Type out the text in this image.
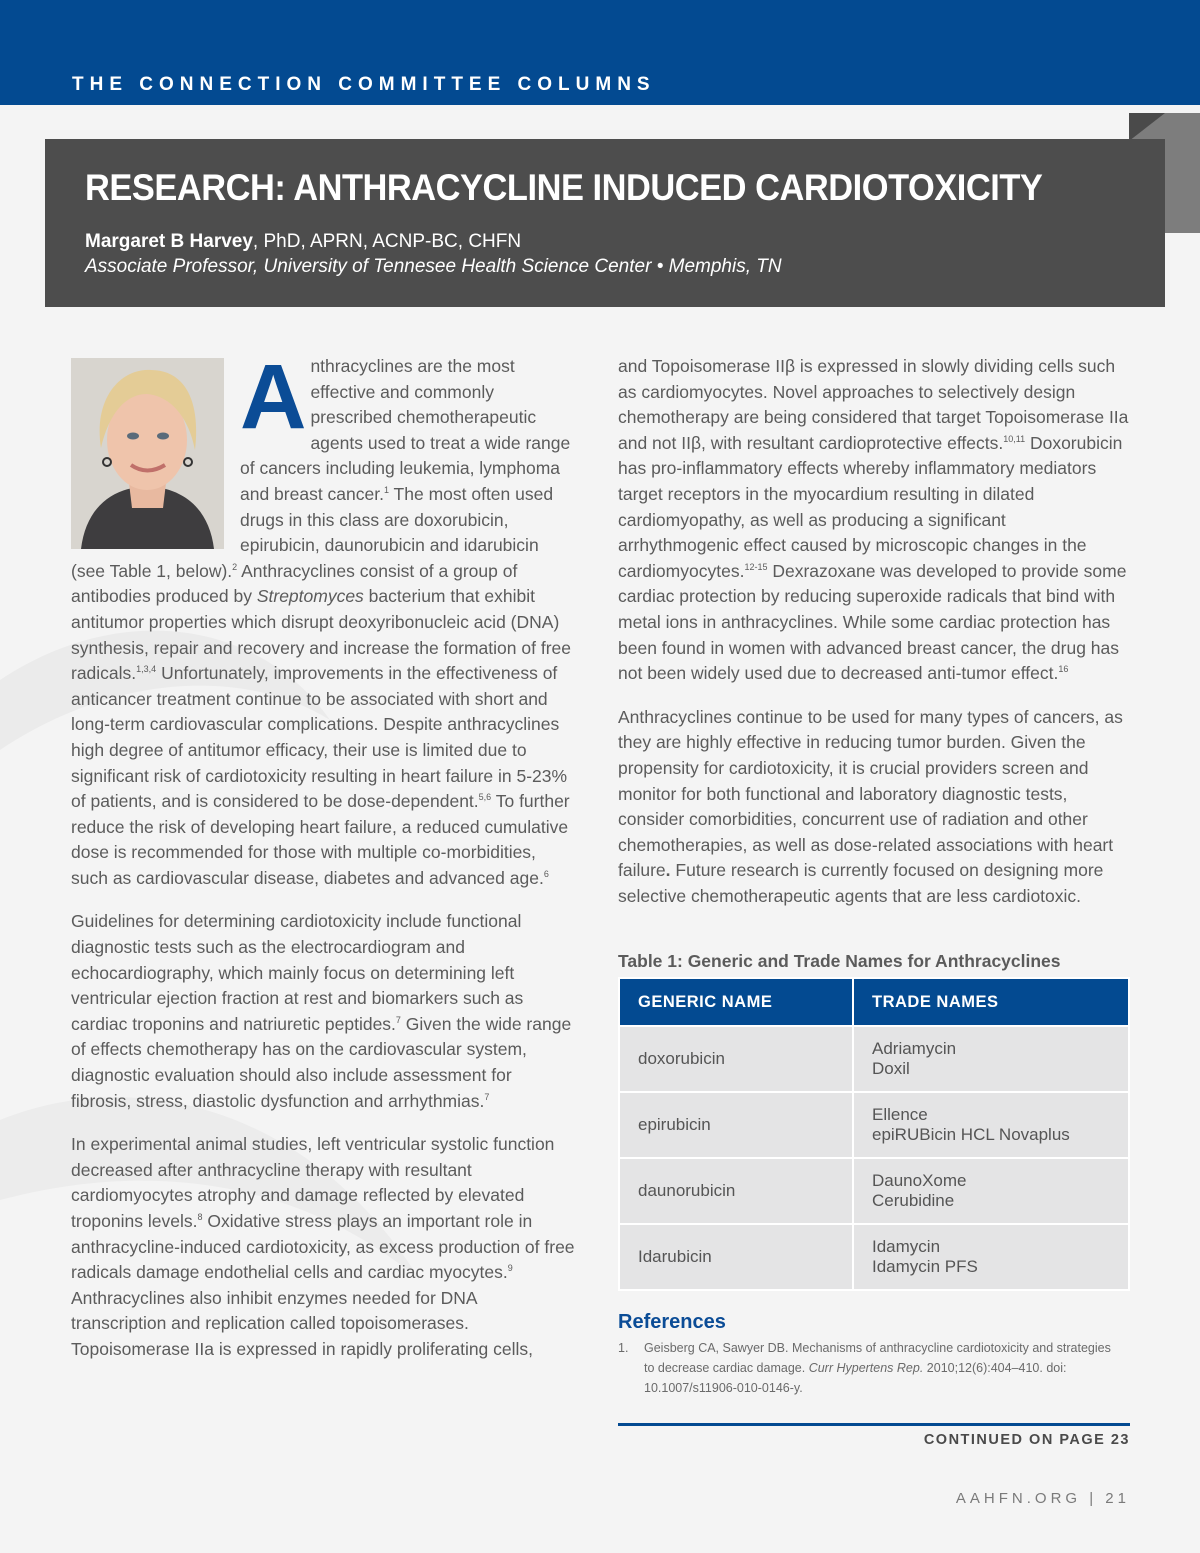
THE CONNECTION COMMITTEE COLUMNS
RESEARCH: ANTHRACYCLINE INDUCED CARDIOTOXICITY
Margaret B Harvey, PhD, APRN, ACNP-BC, CHFN
Associate Professor, University of Tennesee Health Science Center • Memphis, TN

Anthracyclines are the most effective and commonly prescribed chemotherapeutic agents used to treat a wide range of cancers including leukemia, lymphoma and breast cancer.$^1$ The most often used drugs in this class are doxorubicin, epirubicin, daunorubicin and idarubicin (see Table 1, below).$^2$ Anthracyclines consist of a group of antibodies produced by Streptomyces bacterium that exhibit antitumor properties which disrupt deoxyribonucleic acid (DNA) synthesis, repair and recovery and increase the formation of free radicals.$^{1,3,4}$ Unfortunately, improvements in the effectiveness of anticancer treatment continue to be associated with short and long-term cardiovascular complications. Despite anthracyclines high degree of antitumor efficacy, their use is limited due to significant risk of cardiotoxicity resulting in heart failure in 5-23% of patients, and is considered to be dose-dependent.$^{5,6}$ To further reduce the risk of developing heart failure, a reduced cumulative dose is recommended for those with multiple co-morbidities, such as cardiovascular disease, diabetes and advanced age.$^6$

Guidelines for determining cardiotoxicity include functional diagnostic tests such as the electrocardiogram and echocardiography, which mainly focus on determining left ventricular ejection fraction at rest and biomarkers such as cardiac troponins and natriuretic peptides.$^7$ Given the wide range of effects chemotherapy has on the cardiovascular system, diagnostic evaluation should also include assessment for fibrosis, stress, diastolic dysfunction and arrhythmias.$^7$

In experimental animal studies, left ventricular systolic function decreased after anthracycline therapy with resultant cardiomyocytes atrophy and damage reflected by elevated troponins levels.$^8$ Oxidative stress plays an important role in anthracycline-induced cardiotoxicity, as excess production of free radicals damage endothelial cells and cardiac myocytes.$^9$ Anthracyclines also inhibit enzymes needed for DNA transcription and replication called topoisomerases. Topoisomerase IIa is expressed in rapidly proliferating cells,

and Topoisomerase IIβ is expressed in slowly dividing cells such as cardiomyocytes. Novel approaches to selectively design chemotherapy are being considered that target Topoisomerase IIa and not IIβ, with resultant cardioprotective effects.$^{10,11}$ Doxorubicin has pro-inflammatory effects whereby inflammatory mediators target receptors in the myocardium resulting in dilated cardiomyopathy, as well as producing a significant arrhythmogenic effect caused by microscopic changes in the cardiomyocytes.$^{12-15}$ Dexrazoxane was developed to provide some cardiac protection by reducing superoxide radicals that bind with metal ions in anthracyclines. While some cardiac protection has been found in women with advanced breast cancer, the drug has not been widely used due to decreased anti-tumor effect.$^{16}$

Anthracyclines continue to be used for many types of cancers, as they are highly effective in reducing tumor burden. Given the propensity for cardiotoxicity, it is crucial providers screen and monitor for both functional and laboratory diagnostic tests, consider comorbidities, concurrent use of radiation and other chemotherapies, as well as dose-related associations with heart failure. Future research is currently focused on designing more selective chemotherapeutic agents that are less cardiotoxic.

Table 1: Generic and Trade Names for Anthracyclines
GENERIC NAME	TRADE NAMES
doxorubicin	Adriamycin
Doxil

epirubicin	Ellence
epiRUBicin HCL Novaplus

daunorubicin	DaunoXome
Cerubidine

Idarubicin	Idamycin
Idamycin PFS
References
1. Geisberg CA, Sawyer DB. Mechanisms of anthracycline cardiotoxicity and strategies to decrease cardiac damage. Curr Hypertens Rep. 2010;12(6):404–410. doi: 10.1007/s11906-010-0146-y.
CONTINUED ON PAGE 23
AAHFN.ORG | 21
